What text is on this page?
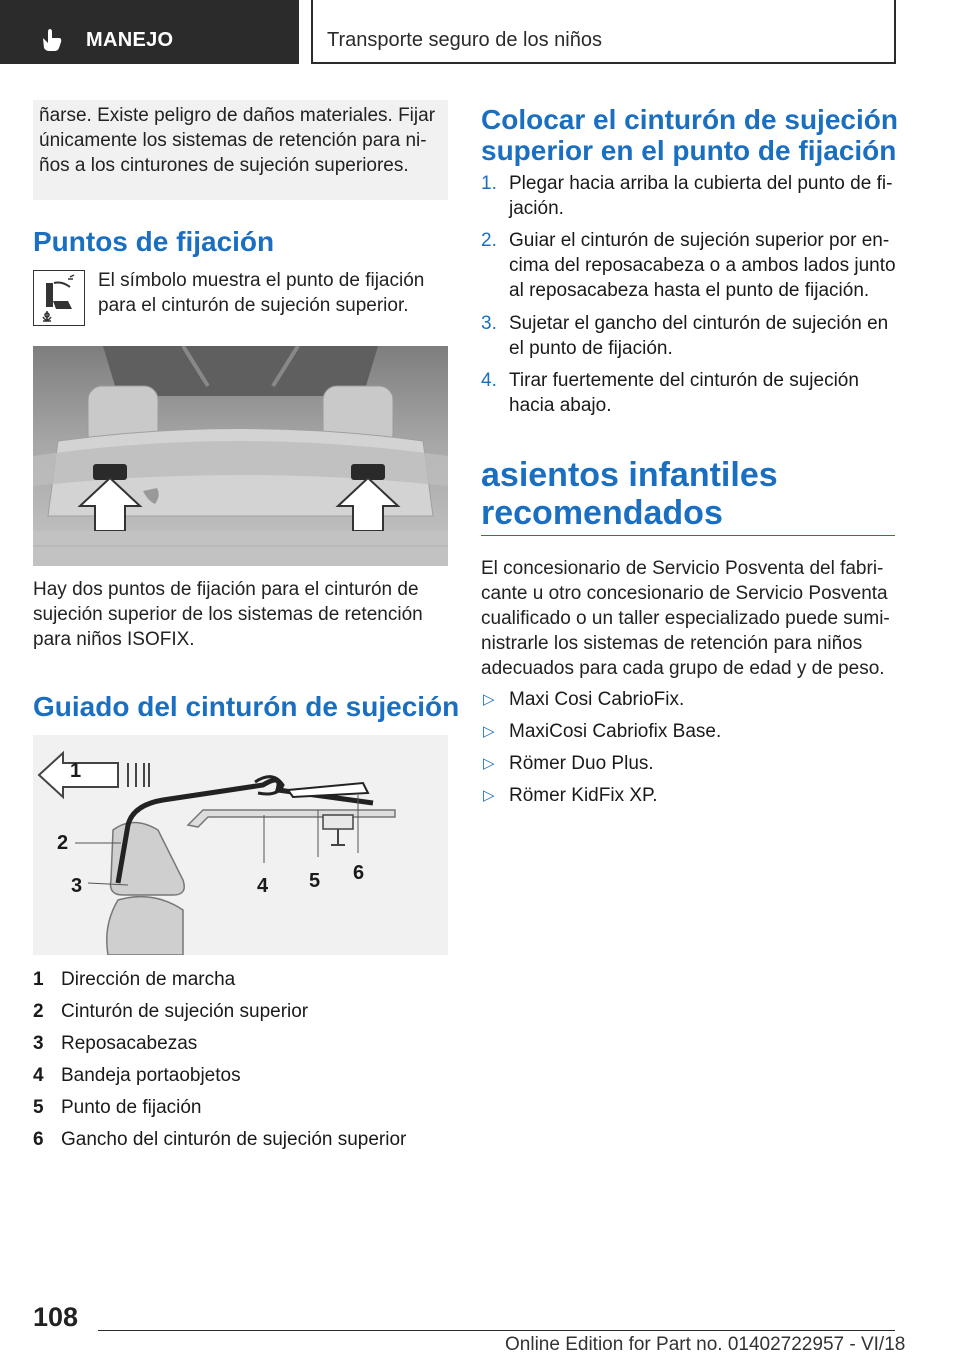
MANEJO	Transporte seguro de los niños
ñarse. Existe peligro de daños materiales. Fijar
únicamente los sistemas de retención para ni-
ños a los cinturones de sujeción superiores.
Puntos de fijación
El símbolo muestra el punto de fijación
para el cinturón de sujeción superior.
Hay dos puntos de fijación para el cinturón de
sujeción superior de los sistemas de retención
para niños ISOFIX.
Guiado del cinturón de sujeción
1
2
3	4 5 6
1 Dirección de marcha
2 Cinturón de sujeción superior
3 Reposacabezas
4 Bandeja portaobjetos
5 Punto de fijación
6 Gancho del cinturón de sujeción superior
Colocar el cinturón de sujeción
superior en el punto de fijación
1. Plegar hacia arriba la cubierta del punto de fi-
jación.
2. Guiar el cinturón de sujeción superior por en-
cima del reposacabeza o a ambos lados junto
al reposacabeza hasta el punto de fijación.
3. Sujetar el gancho del cinturón de sujeción en
el punto de fijación.
4. Tirar fuertemente del cinturón de sujeción
hacia abajo.
asientos infantiles
recomendados
El concesionario de Servicio Posventa del fabri-
cante u otro concesionario de Servicio Posventa
cualificado o un taller especializado puede sumi-
nistrarle los sistemas de retención para niños
adecuados para cada grupo de edad y de peso.
▷ Maxi Cosi CabrioFix.
▷ MaxiCosi Cabriofix Base.
▷ Römer Duo Plus.
▷ Römer KidFix XP.
108
Online Edition for Part no. 01402722957 - VI/18
